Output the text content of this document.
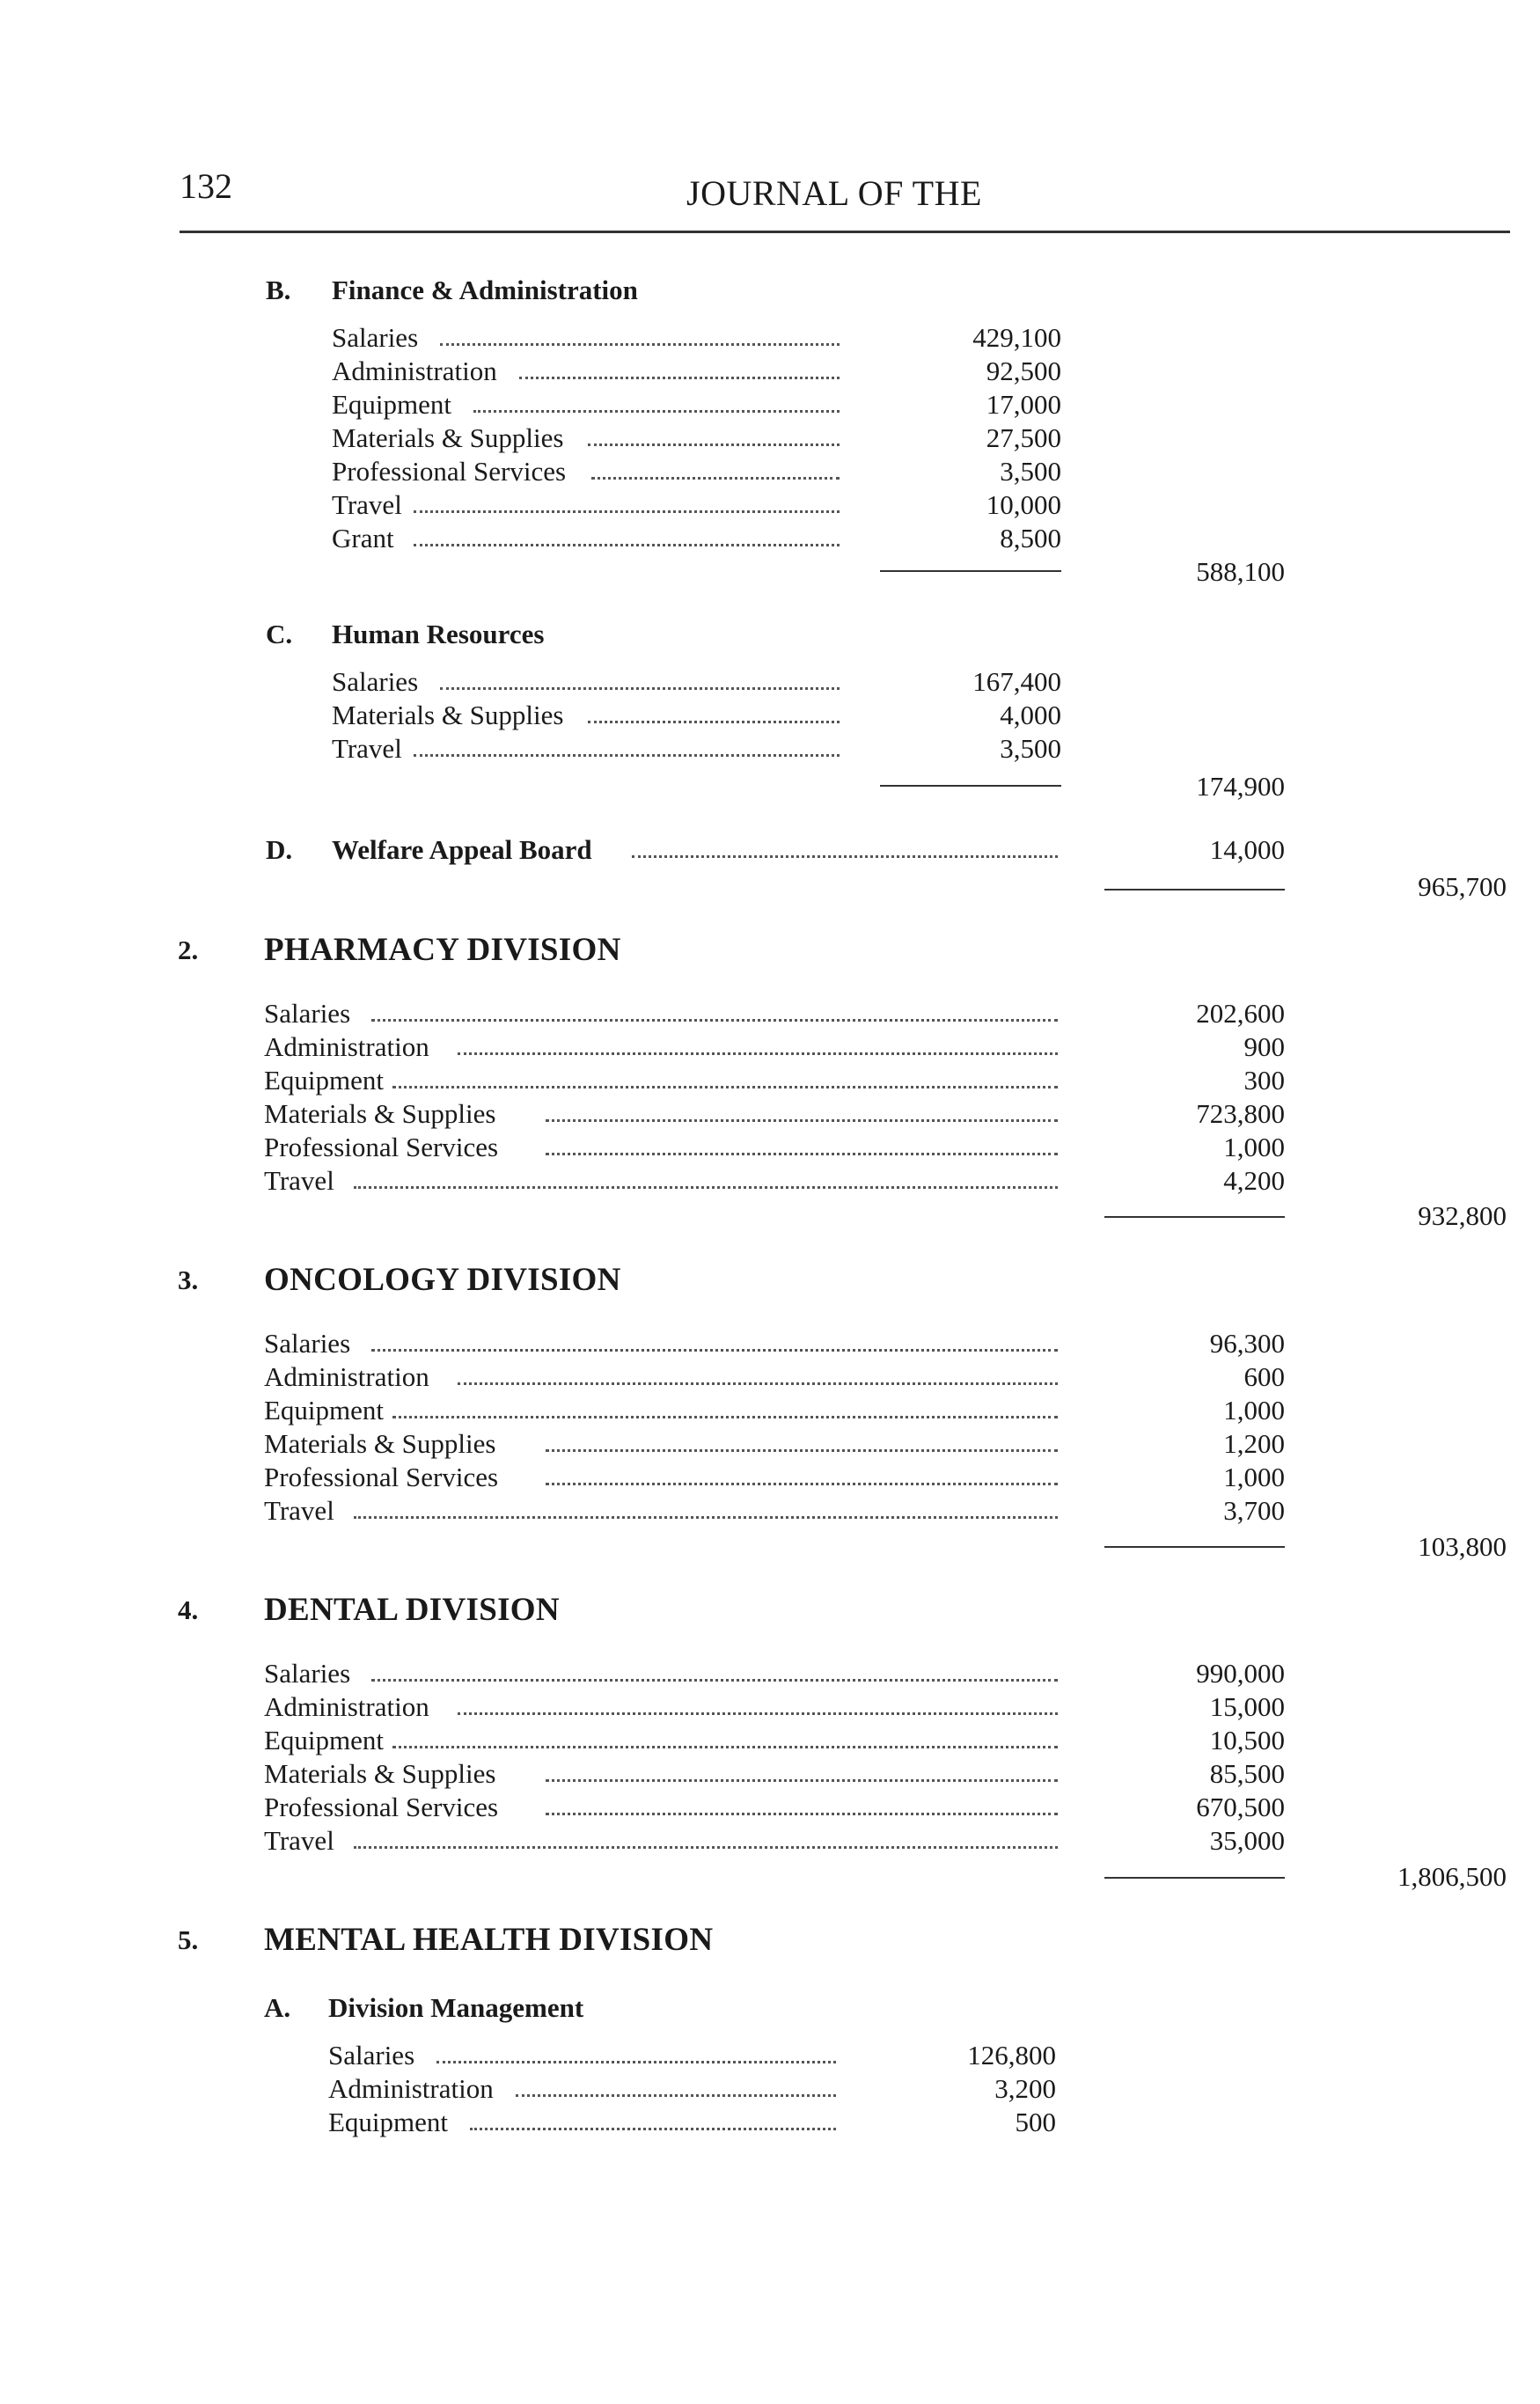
132	JOURNAL OF THE
B. Finance & Administration
Salaries	429,100
Administration	92,500
Equipment	17,000
Materials & Supplies	27,500
Professional Services	3,500
Travel	10,000
Grant	8,500
588,100
C. Human Resources
Salaries	167,400
Materials & Supplies	4,000
Travel	3,500
174,900
D. Welfare Appeal Board	14,000
965,700
2. PHARMACY DIVISION
Salaries	202,600
Administration	900
Equipment	300
Materials & Supplies	723,800
Professional Services	1,000
Travel	4,200
932,800
3. ONCOLOGY DIVISION
Salaries	96,300
Administration	600
Equipment	1,000
Materials & Supplies	1,200
Professional Services	1,000
Travel	3,700
103,800
4. DENTAL DIVISION
Salaries	990,000
Administration	15,000
Equipment	10,500
Materials & Supplies	85,500
Professional Services	670,500
Travel	35,000
1,806,500
5. MENTAL HEALTH DIVISION
A. Division Management
Salaries	126,800
Administration	3,200
Equipment	500
